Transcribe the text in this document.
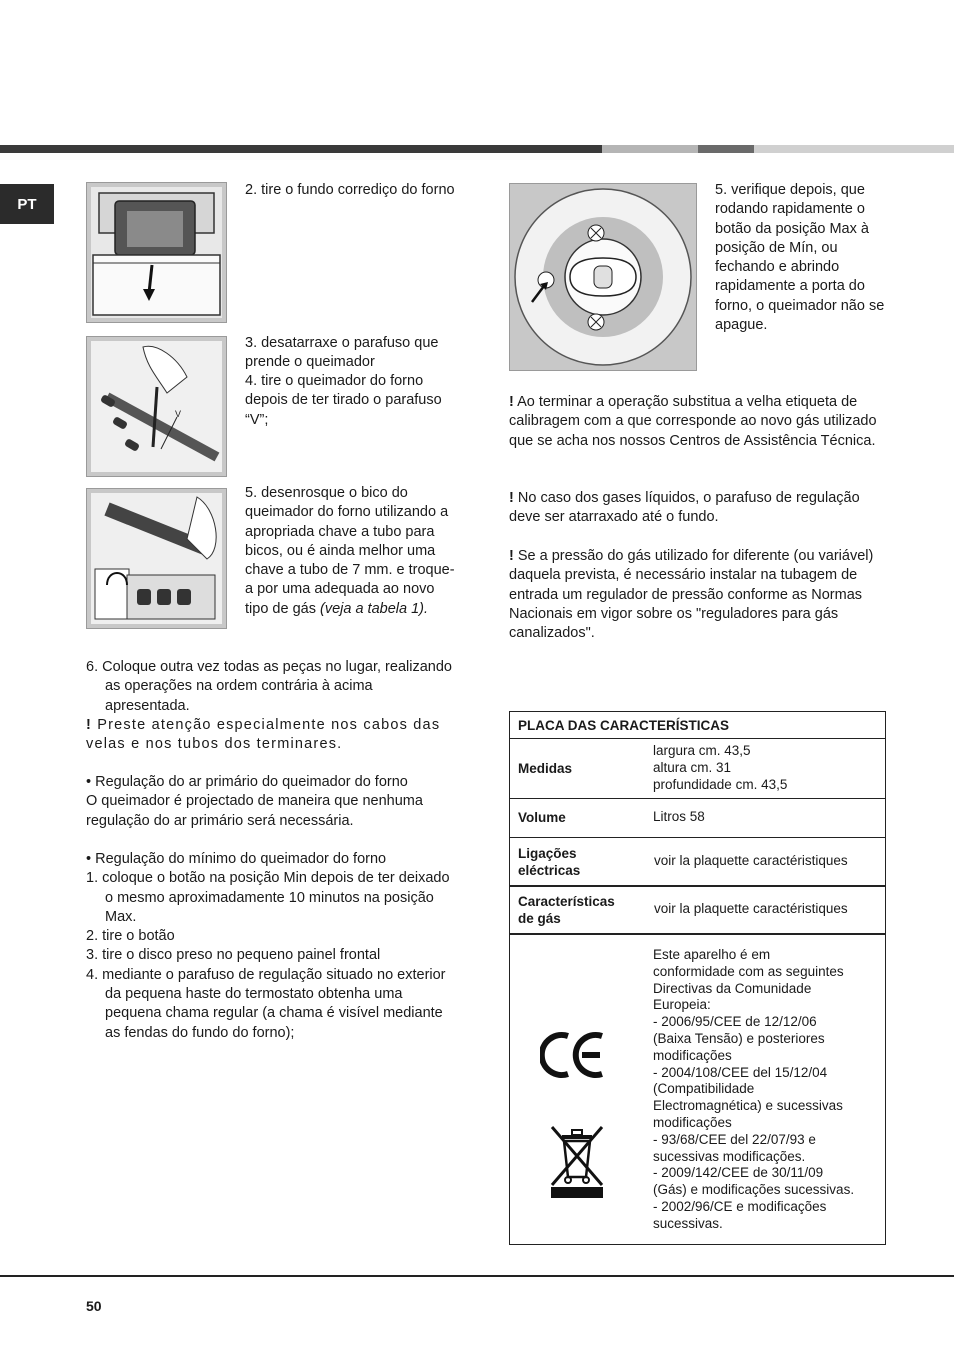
PT
V
2. tire o fundo corrediço do forno
3. desatarraxe o parafuso que prende o queimador
4. tire o queimador do forno depois de ter tirado o parafuso “V”;
5. desenrosque o bico do queimador do forno utilizando a apropriada chave a tubo para bicos, ou é ainda melhor uma chave a tubo de 7 mm. e troque-a por uma adequada ao novo tipo de gás (veja a tabela 1).

6. Coloque outra vez todas as peças no lugar, realizando as operações na ordem contrária à acima apresentada.

! Preste atenção especialmente nos cabos das velas e nos tubos dos terminares.

• Regulação do ar primário do queimador do forno

O queimador é projectado de maneira que nenhuma regulação do ar primário será necessária.

• Regulação do mínimo do queimador do forno

1. coloque o botão na posição Min depois de ter deixado o mesmo aproximadamente 10 minutos na posição Max.

2. tire o botão

3. tire o disco preso no pequeno painel frontal

4. mediante o parafuso de regulação situado no exterior da pequena haste do termostato obtenha uma pequena chama regular (a chama é visível mediante as fendas do fundo do forno);

5. verifique depois, que rodando rapidamente o botão da posição Max à posição de Mín, ou fechando e abrindo rapidamente a porta do forno, o queimador não se apague.
! Ao terminar a operação substitua a velha etiqueta de calibragem com a que corresponde ao novo gás utilizado que se acha nos nossos Centros de Assistência Técnica.
! No caso dos gases líquidos, o parafuso de regulação deve ser atarraxado até o fundo.
! Se a pressão do gás utilizado for diferente (ou variável) daquela prevista, é necessário instalar na tubagem de entrada um regulador de pressão conforme as Normas Nacionais em vigor sobre os "reguladores para gás canalizados".
PLACA DAS CARACTERÍSTICAS
Medidas
largura cm. 43,5
altura cm. 31
profundidade cm. 43,5
Volume	Litros 58
Ligações
eléctricas
voir la plaquette caractéristiques
Características
de gás
voir la plaquette caractéristiques
Este aparelho é em
conformidade com as seguintes
Directivas da Comunidade
Europeia:
- 2006/95/CEE de 12/12/06
(Baixa Tensão) e posteriores
modificações
- 2004/108/CEE del 15/12/04
(Compatibilidade
Electromagnética) e sucessivas
modificações
- 93/68/CEE del 22/07/93 e
sucessivas modificações.
- 2009/142/CEE de 30/11/09
(Gás) e modificações sucessivas.
- 2002/96/CE e modificações
sucessivas.
50
